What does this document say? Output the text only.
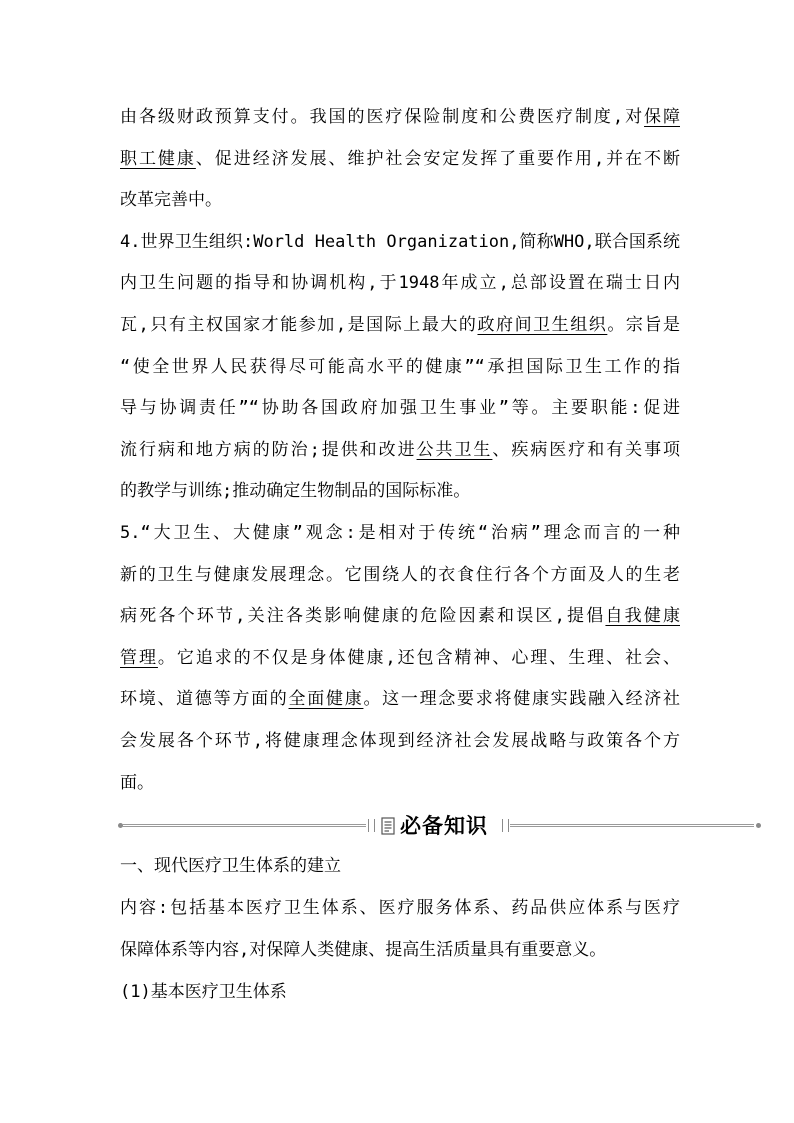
由各级财政预算支付。我国的医疗保险制度和公费医疗制度,对保障
职工健康、促进经济发展、维护社会安定发挥了重要作用,并在不断
改革完善中。
4.世界卫生组织:World Health Organization,简称WHO,联合国系统
内卫生问题的指导和协调机构,于1948年成立,总部设置在瑞士日内
瓦,只有主权国家才能参加,是国际上最大的政府间卫生组织。宗旨是
“使全世界人民获得尽可能高水平的健康”“承担国际卫生工作的指
导与协调责任”“协助各国政府加强卫生事业”等。主要职能:促进
流行病和地方病的防治;提供和改进公共卫生、疾病医疗和有关事项
的教学与训练;推动确定生物制品的国际标准。
5.“大卫生、大健康”观念:是相对于传统“治病”理念而言的一种
新的卫生与健康发展理念。它围绕人的衣食住行各个方面及人的生老
病死各个环节,关注各类影响健康的危险因素和误区,提倡自我健康
管理。它追求的不仅是身体健康,还包含精神、心理、生理、社会、
环境、道德等方面的全面健康。这一理念要求将健康实践融入经济社
会发展各个环节,将健康理念体现到经济社会发展战略与政策各个方
面。
必备知识
一、现代医疗卫生体系的建立
内容:包括基本医疗卫生体系、医疗服务体系、药品供应体系与医疗
保障体系等内容,对保障人类健康、提高生活质量具有重要意义。
(1)基本医疗卫生体系
